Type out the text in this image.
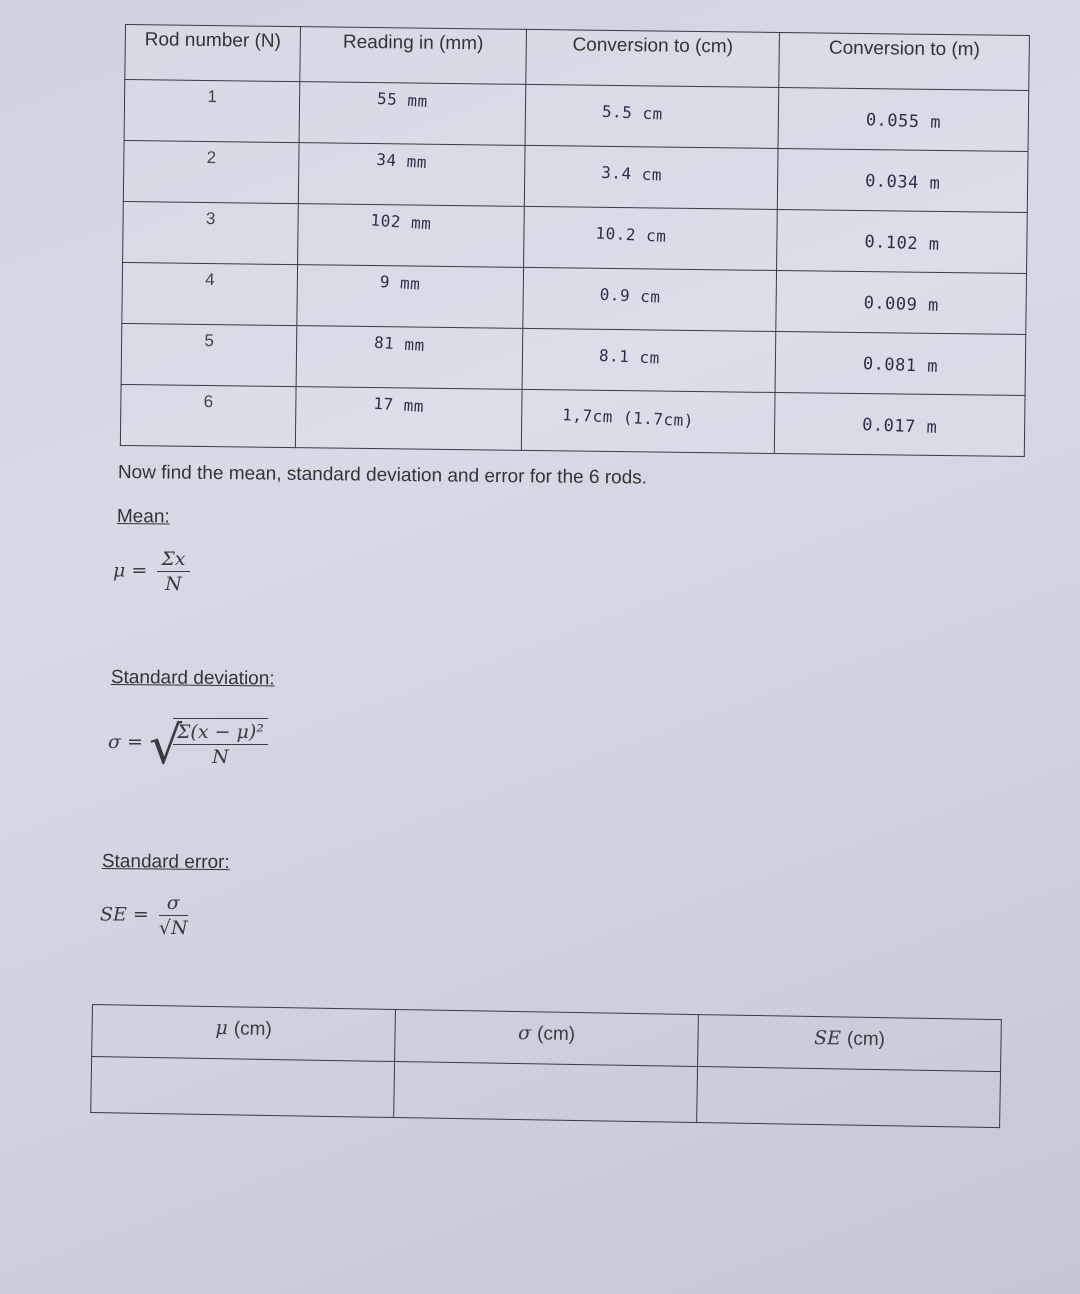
Rod number (N)	Reading in (mm)	Conversion to (cm)	Conversion to (m)
1	55 mm	5.5 cm	0.055 m
2	34 mm	3.4 cm	0.034 m
3	102 mm	10.2 cm	0.102 m
4	9 mm	0.9 cm	0.009 m
5	81 mm	8.1 cm	0.081 m
6	17 mm	1,7cm (1.7cm)	0.017 m

Now find the mean, standard deviation and error for the 6 rods.

Mean:

$\mu = \frac{\Sigma x}{N}$

Standard deviation:

σ = √
$\frac{\text{Σ(x − μ)²}}{N}$

Standard error:

SE = $\frac{\sigma}{√N}$
μ (cm)	σ (cm)	SE (cm)
